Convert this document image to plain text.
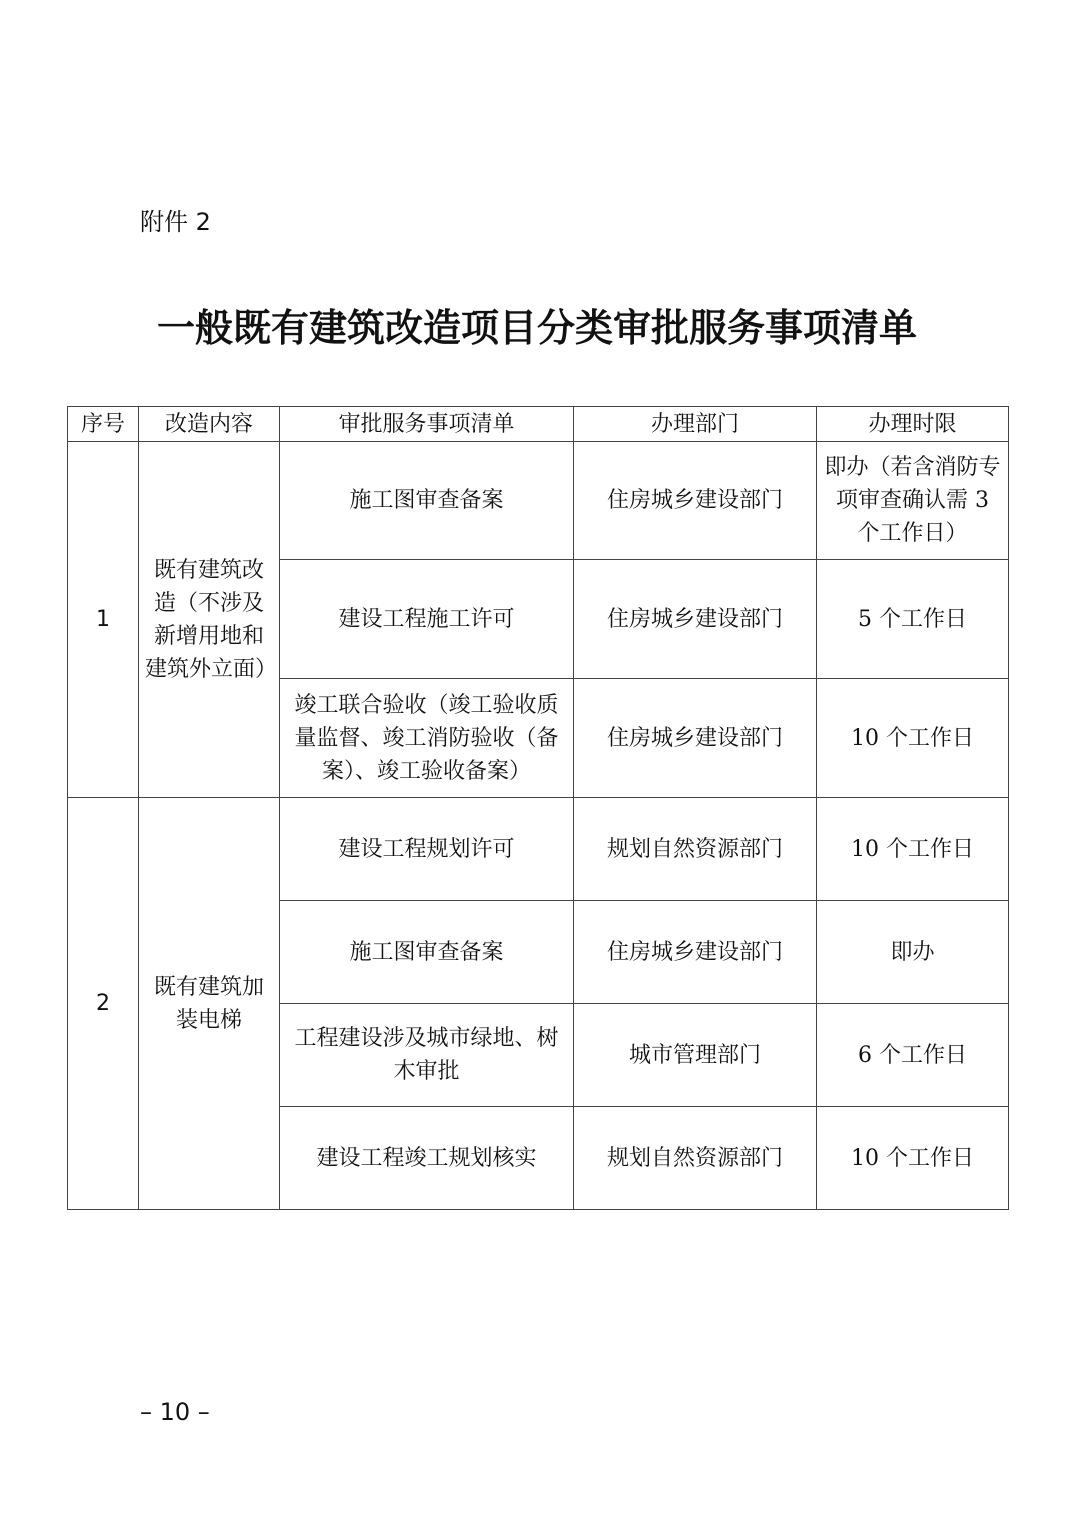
附件 2
一般既有建筑改造项目分类审批服务事项清单
序号	改造内容	审批服务事项清单	办理部门	办理时限
1	既有建筑改造（不涉及新增用地和建筑外立面）	施工图审查备案	住房城乡建设部门	即办（若含消防专项审查确认需 3 个工作日）
		建设工程施工许可	住房城乡建设部门	5 个工作日
		竣工联合验收（竣工验收质量监督、竣工消防验收（备案）、竣工验收备案）	住房城乡建设部门	10 个工作日
2	既有建筑加装电梯	建设工程规划许可	规划自然资源部门	10 个工作日
		施工图审查备案	住房城乡建设部门	即办
		工程建设涉及城市绿地、树木审批	城市管理部门	6 个工作日
		建设工程竣工规划核实	规划自然资源部门	10 个工作日
– 10 –
